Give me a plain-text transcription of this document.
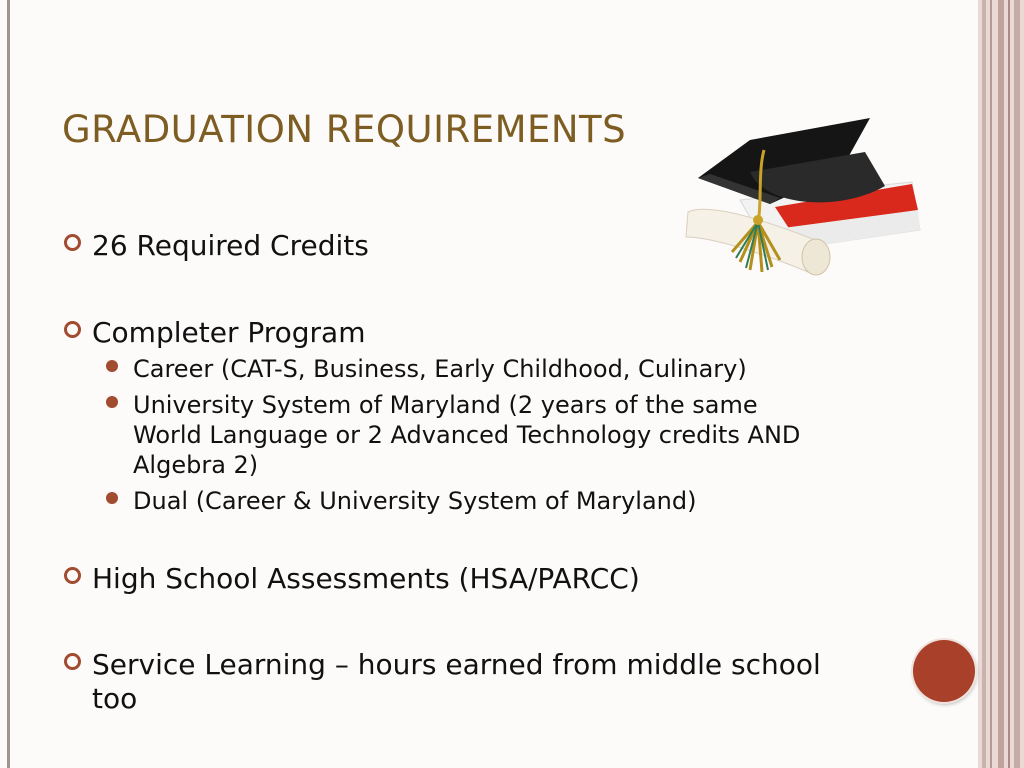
GRADUATION REQUIREMENTS
26 Required Credits
Completer Program
Career (CAT-S, Business, Early Childhood, Culinary)
University System of Maryland (2 years of the same World Language or 2 Advanced Technology credits AND Algebra 2)
Dual (Career & University System of Maryland)
High School Assessments (HSA/PARCC)
Service Learning – hours earned from middle school too
